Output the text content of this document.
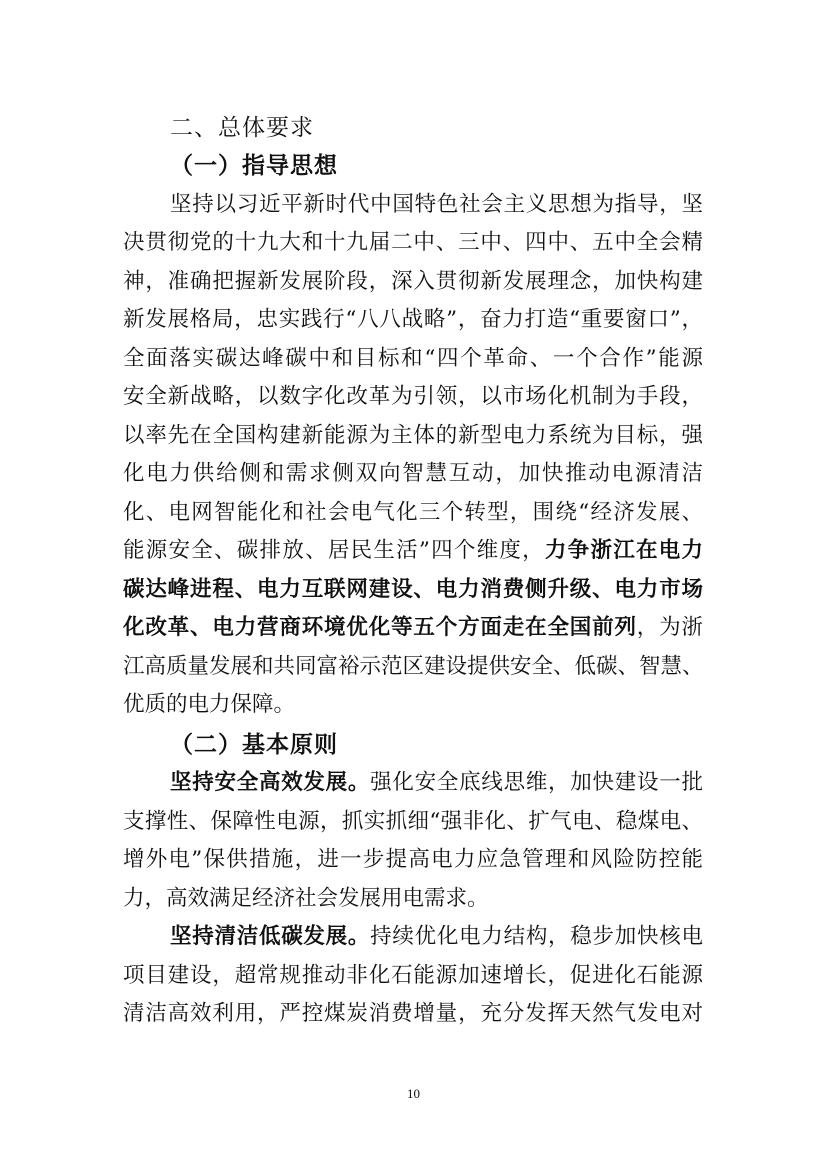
二、总体要求
（一）指导思想
坚持以习近平新时代中国特色社会主义思想为指导，坚
决贯彻党的十九大和十九届二中、三中、四中、五中全会精
神，准确把握新发展阶段，深入贯彻新发展理念，加快构建
新发展格局，忠实践行“八八战略”，奋力打造“重要窗口”，
全面落实碳达峰碳中和目标和“四个革命、一个合作”能源
安全新战略，以数字化改革为引领，以市场化机制为手段，
以率先在全国构建新能源为主体的新型电力系统为目标，强
化电力供给侧和需求侧双向智慧互动，加快推动电源清洁
化、电网智能化和社会电气化三个转型，围绕“经济发展、
能源安全、碳排放、居民生活”四个维度，力争浙江在电力
碳达峰进程、电力互联网建设、电力消费侧升级、电力市场
化改革、电力营商环境优化等五个方面走在全国前列，为浙
江高质量发展和共同富裕示范区建设提供安全、低碳、智慧、
优质的电力保障。
（二）基本原则
坚持安全高效发展。强化安全底线思维，加快建设一批
支撑性、保障性电源，抓实抓细“强非化、扩气电、稳煤电、
增外电”保供措施，进一步提高电力应急管理和风险防控能
力，高效满足经济社会发展用电需求。
坚持清洁低碳发展。持续优化电力结构，稳步加快核电
项目建设，超常规推动非化石能源加速增长，促进化石能源
清洁高效利用，严控煤炭消费增量，充分发挥天然气发电对
10
